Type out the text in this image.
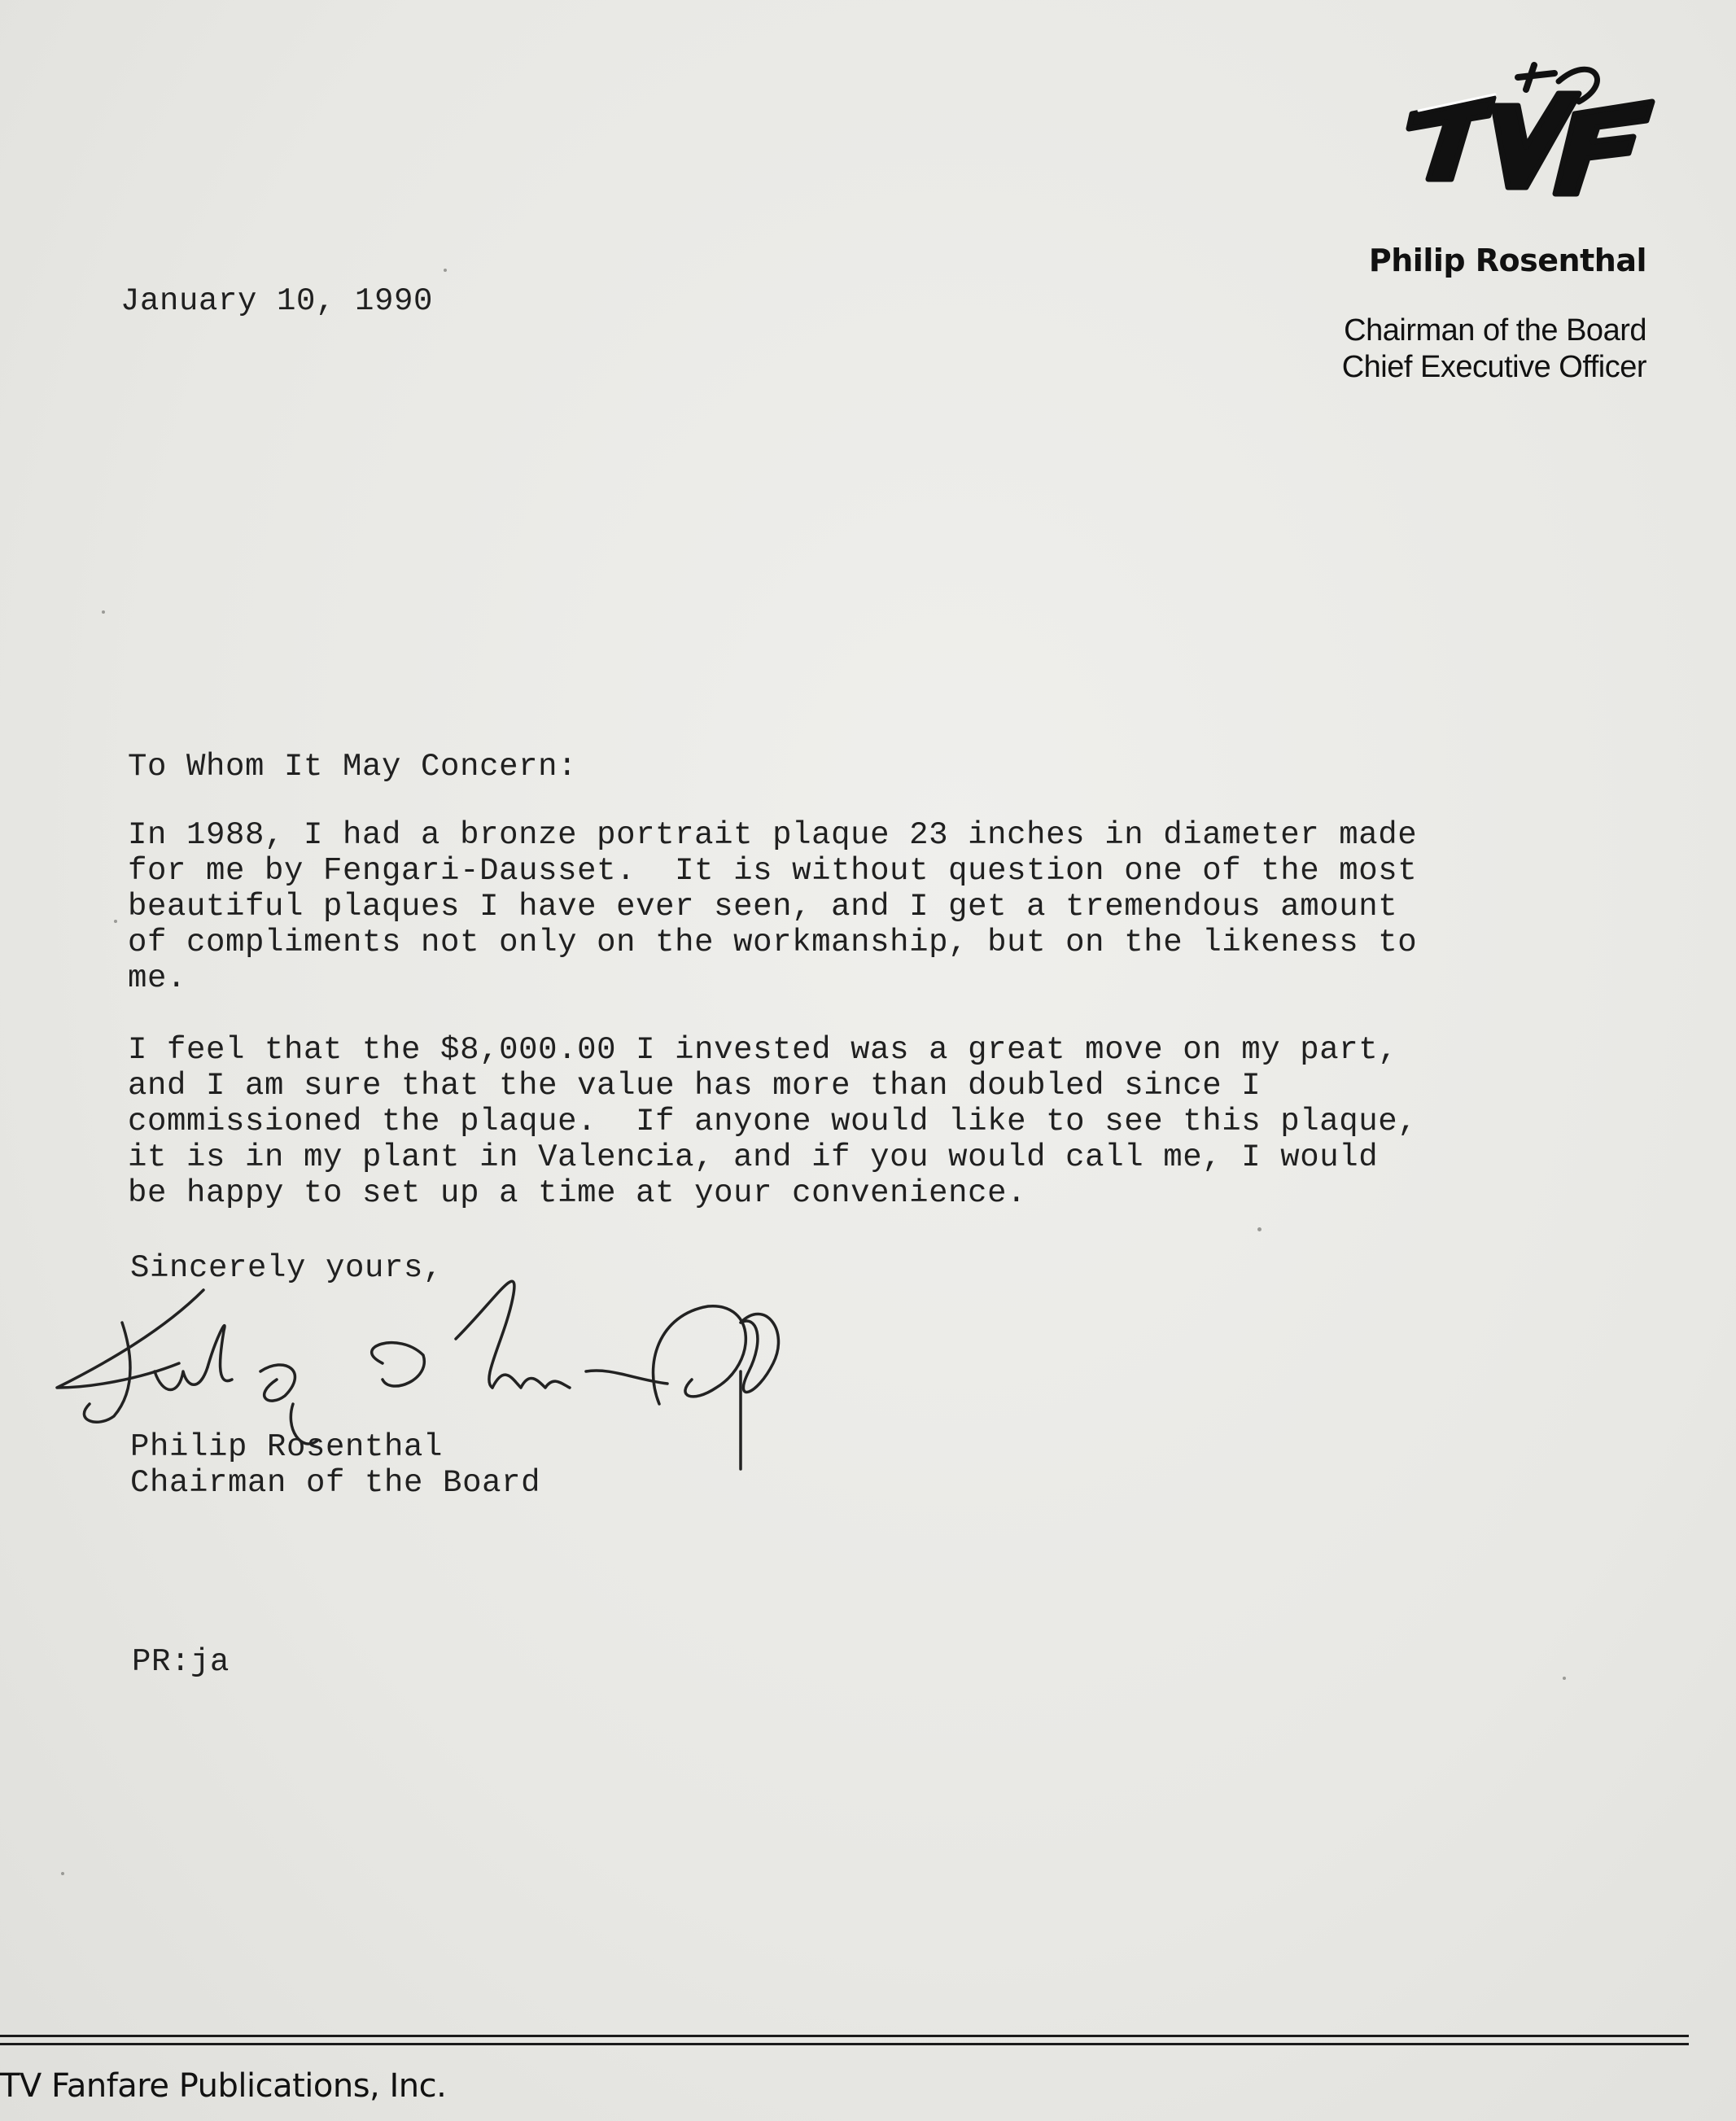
Philip Rosenthal
Chairman of the Board
Chief Executive Officer
January 10, 1990
To Whom It May Concern:
In 1988, I had a bronze portrait plaque 23 inches in diameter made
for me by Fengari-Dausset.  It is without question one of the most
beautiful plaques I have ever seen, and I get a tremendous amount
of compliments not only on the workmanship, but on the likeness to
me.
I feel that the $8,000.00 I invested was a great move on my part,
and I am sure that the value has more than doubled since I
commissioned the plaque.  If anyone would like to see this plaque,
it is in my plant in Valencia, and if you would call me, I would
be happy to set up a time at your convenience.
Sincerely yours,
Philip Rosenthal
Chairman of the Board
PR:ja
TV Fanfare Publications, Inc.
